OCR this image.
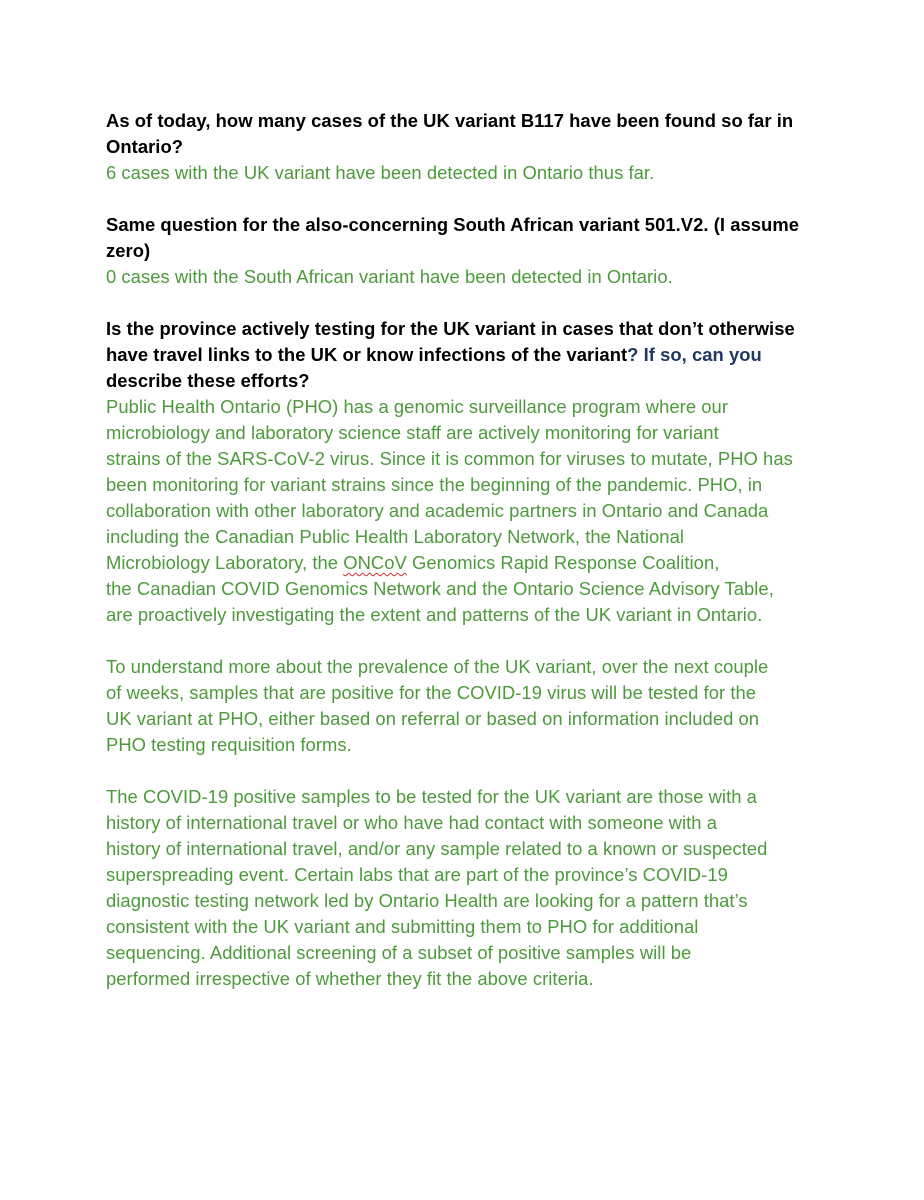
As of today, how many cases of the UK variant B117 have been found so far in
Ontario?

6 cases with the UK variant have been detected in Ontario thus far.

Same question for the also-concerning South African variant 501.V2. (I assume
zero)

0 cases with the South African variant have been detected in Ontario.

Is the province actively testing for the UK variant in cases that don’t otherwise
have travel links to the UK or know infections of the variant? If so, can you
describe these efforts?

Public Health Ontario (PHO) has a genomic surveillance program where our
microbiology and laboratory science staff are actively monitoring for variant
strains of the SARS-CoV-2 virus. Since it is common for viruses to mutate, PHO has
been monitoring for variant strains since the beginning of the pandemic. PHO, in
collaboration with other laboratory and academic partners in Ontario and Canada
including the Canadian Public Health Laboratory Network, the National
Microbiology Laboratory, the ONCoV Genomics Rapid Response Coalition,
the Canadian COVID Genomics Network and the Ontario Science Advisory Table,
are proactively investigating the extent and patterns of the UK variant in Ontario.

To understand more about the prevalence of the UK variant, over the next couple
of weeks, samples that are positive for the COVID-19 virus will be tested for the
UK variant at PHO, either based on referral or based on information included on
PHO testing requisition forms.

The COVID-19 positive samples to be tested for the UK variant are those with a
history of international travel or who have had contact with someone with a
history of international travel, and/or any sample related to a known or suspected
superspreading event. Certain labs that are part of the province’s COVID-19
diagnostic testing network led by Ontario Health are looking for a pattern that’s
consistent with the UK variant and submitting them to PHO for additional
sequencing. Additional screening of a subset of positive samples will be
performed irrespective of whether they fit the above criteria.
